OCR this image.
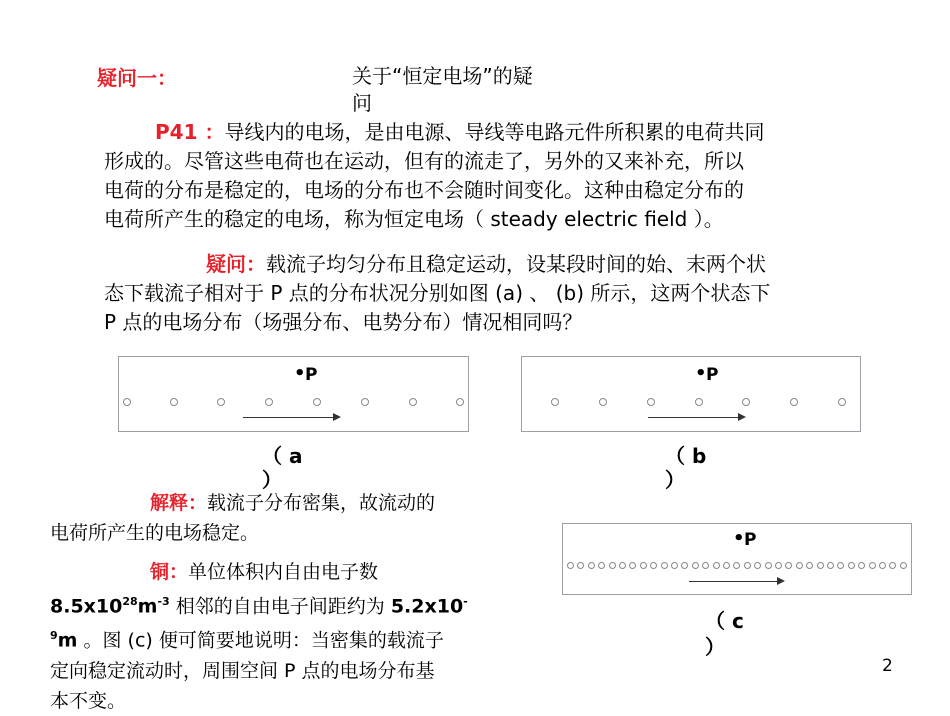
疑问一：	关于“恒定电场”的疑
问
P41 ：导线内的电场，是由电源、导线等电路元件所积累的电荷共同
形成的。尽管这些电荷也在运动，但有的流走了，另外的又来补充，所以
电荷的分布是稳定的，电场的分布也不会随时间变化。这种由稳定分布的
电荷所产生的稳定的电场，称为恒定电场（ steady electric field ）。
疑问：载流子均匀分布且稳定运动，设某段时间的始、末两个状
态下载流子相对于 P 点的分布状况分别如图 (a) 、 (b) 所示，这两个状态下
P 点的电场分布（场强分布、电势分布）情况相同吗？
• P
（ a
）
• P
（ b
）
解释：载流子分布密集，故流动的
电荷所产生的电场稳定。
铜：单位体积内自由电子数
$8.5x10^{28}m^{-3}$ 相邻的自由电子间距约为 5.2x10-
$^9$m 。图 (c) 便可简要地说明：当密集的载流子
定向稳定流动时，周围空间 P 点的电场分布基
本不变。
• P
（ c
）
2
